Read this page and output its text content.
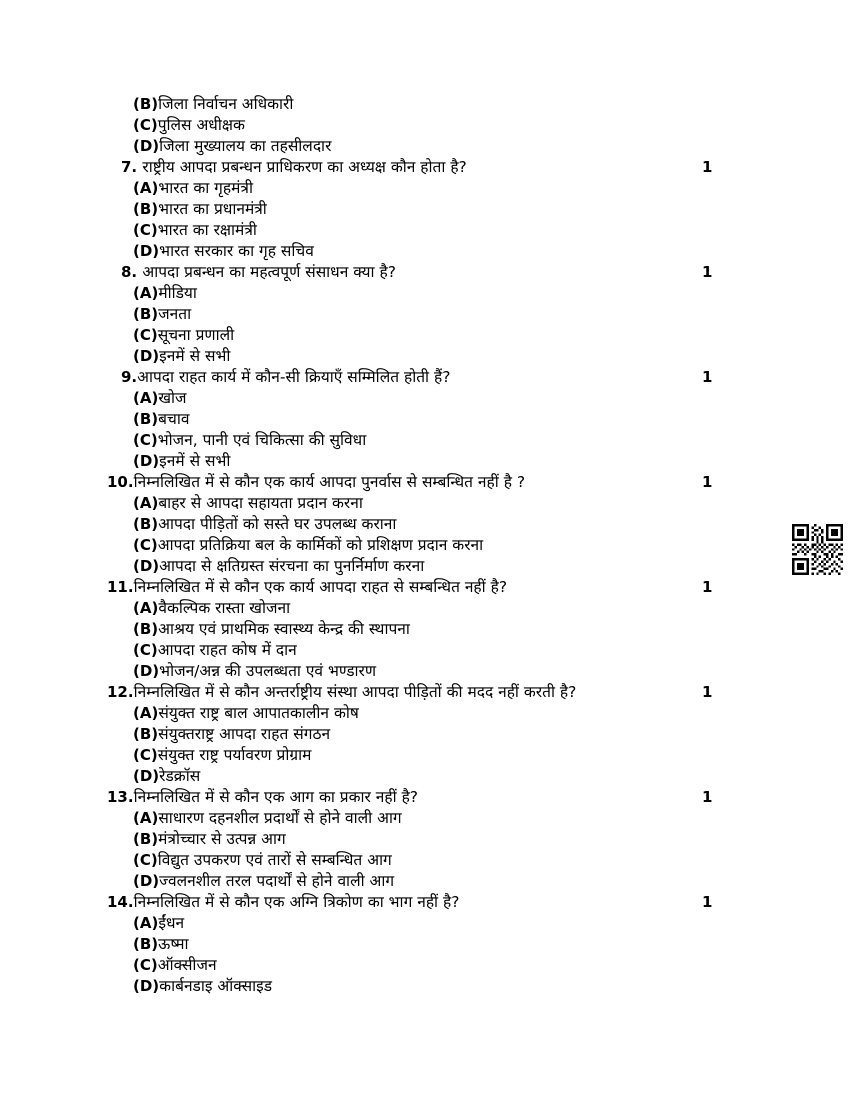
(B)जिला निर्वाचन अधिकारी
(C)पुलिस अधीक्षक
(D)जिला मुख्यालय का तहसीलदार
7. राष्ट्रीय आपदा प्रबन्धन प्राधिकरण का अध्यक्ष कौन होता है?	1
(A)भारत का गृहमंत्री
(B)भारत का प्रधानमंत्री
(C)भारत का रक्षामंत्री
(D)भारत सरकार का गृह सचिव
8. आपदा प्रबन्धन का महत्वपूर्ण संसाधन क्या है?	1
(A)मीडिया
(B)जनता
(C)सूचना प्रणाली
(D)इनमें से सभी
9.आपदा राहत कार्य में कौन-सी क्रियाएँ सम्मिलित होती हैं?	1
(A)खोज
(B)बचाव
(C)भोजन, पानी एवं चिकित्सा की सुविधा
(D)इनमें से सभी
10.निम्नलिखित में से कौन एक कार्य आपदा पुनर्वास से सम्बन्धित नहीं है ?	1
(A)बाहर से आपदा सहायता प्रदान करना
(B)आपदा पीड़ितों को सस्ते घर उपलब्ध कराना
(C)आपदा प्रतिक्रिया बल के कार्मिकों को प्रशिक्षण प्रदान करना
(D)आपदा से क्षतिग्रस्त संरचना का पुनर्निर्माण करना
11.निम्नलिखित में से कौन एक कार्य आपदा राहत से सम्बन्धित नहीं है?	1
(A)वैकल्पिक रास्ता खोजना
(B)आश्रय एवं प्राथमिक स्वास्थ्य केन्द्र की स्थापना
(C)आपदा राहत कोष में दान
(D)भोजन/अन्न की उपलब्धता एवं भण्डारण
12.निम्नलिखित में से कौन अन्तर्राष्ट्रीय संस्था आपदा पीड़ितों की मदद नहीं करती है?	1
(A)संयुक्त राष्ट्र बाल आपातकालीन कोष
(B)संयुक्तराष्ट्र आपदा राहत संगठन
(C)संयुक्त राष्ट्र पर्यावरण प्रोग्राम
(D)रेडक्रॉस
13.निम्नलिखित में से कौन एक आग का प्रकार नहीं है?	1
(A)साधारण दहनशील प्रदार्थों से होने वाली आग
(B)मंत्रोच्चार से उत्पन्न आग
(C)विद्युत उपकरण एवं तारों से सम्बन्धित आग
(D)ज्वलनशील तरल पदार्थों से होने वाली आग
14.निम्नलिखित में से कौन एक अग्नि त्रिकोण का भाग नहीं है?	1
(A)ईंधन
(B)ऊष्मा
(C)ऑक्सीजन
(D)कार्बनडाइ ऑक्साइड
